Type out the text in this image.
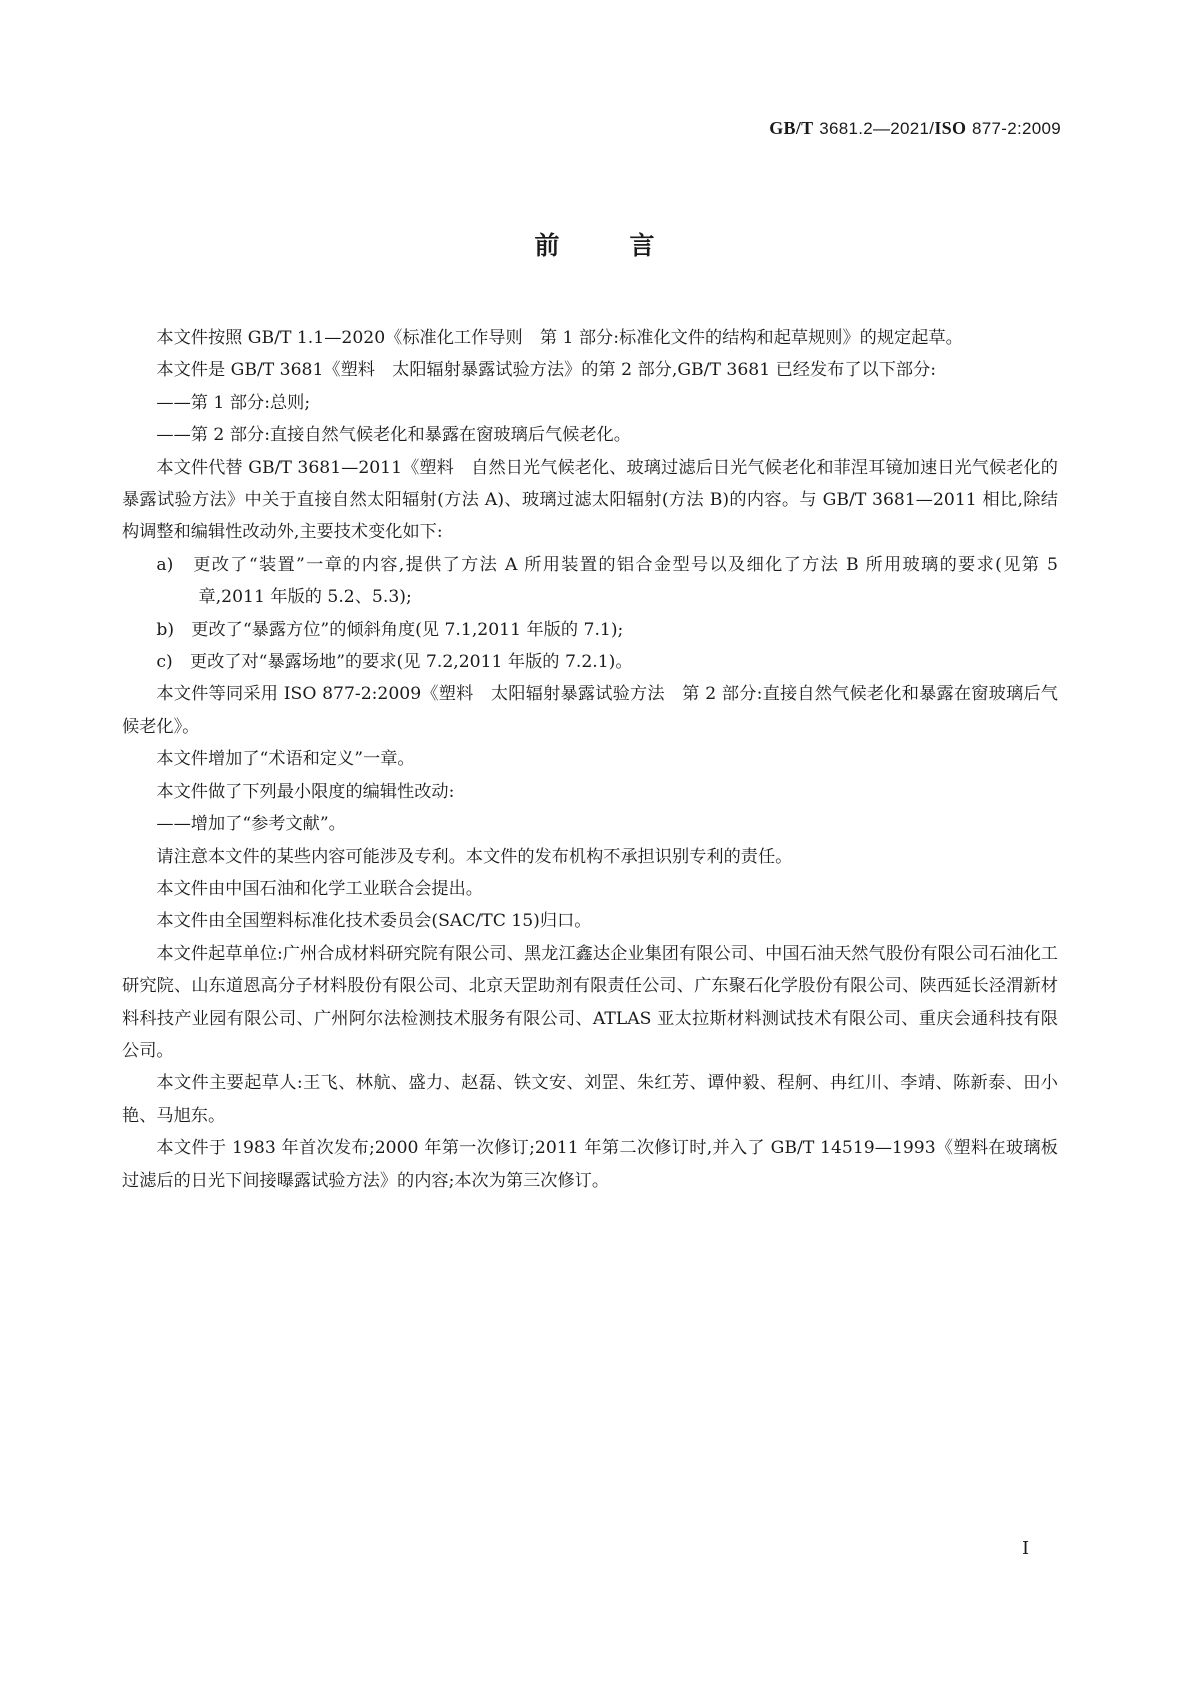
GB/T 3681.2—2021/ISO 877-2:2009
前	言

本文件按照 GB/T 1.1—2020《标准化工作导则　第 1 部分:标准化文件的结构和起草规则》的规定起草。

本文件是 GB/T 3681《塑料　太阳辐射暴露试验方法》的第 2 部分,GB/T 3681 已经发布了以下部分:

——第 1 部分:总则;

——第 2 部分:直接自然气候老化和暴露在窗玻璃后气候老化。

本文件代替 GB/T 3681—2011《塑料　自然日光气候老化、玻璃过滤后日光气候老化和菲涅耳镜加速日光气候老化的暴露试验方法》中关于直接自然太阳辐射(方法 A)、玻璃过滤太阳辐射(方法 B)的内容。与 GB/T 3681—2011 相比,除结构调整和编辑性改动外,主要技术变化如下:

a)　更改了“装置”一章的内容,提供了方法 A 所用装置的铝合金型号以及细化了方法 B 所用玻璃的要求(见第 5 章,2011 年版的 5.2、5.3);

b)　更改了“暴露方位”的倾斜角度(见 7.1,2011 年版的 7.1);

c)　更改了对“暴露场地”的要求(见 7.2,2011 年版的 7.2.1)。

本文件等同采用 ISO 877-2:2009《塑料　太阳辐射暴露试验方法　第 2 部分:直接自然气候老化和暴露在窗玻璃后气候老化》。

本文件增加了“术语和定义”一章。

本文件做了下列最小限度的编辑性改动:

——增加了“参考文献”。

请注意本文件的某些内容可能涉及专利。本文件的发布机构不承担识别专利的责任。

本文件由中国石油和化学工业联合会提出。

本文件由全国塑料标准化技术委员会(SAC/TC 15)归口。

本文件起草单位:广州合成材料研究院有限公司、黑龙江鑫达企业集团有限公司、中国石油天然气股份有限公司石油化工研究院、山东道恩高分子材料股份有限公司、北京天罡助剂有限责任公司、广东聚石化学股份有限公司、陕西延长泾渭新材料科技产业园有限公司、广州阿尔法检测技术服务有限公司、ATLAS 亚太拉斯材料测试技术有限公司、重庆会通科技有限公司。

本文件主要起草人:王飞、林航、盛力、赵磊、铁文安、刘罡、朱红芳、谭仲毅、程舸、冉红川、李靖、陈新泰、田小艳、马旭东。

本文件于 1983 年首次发布;2000 年第一次修订;2011 年第二次修订时,并入了 GB/T 14519—1993《塑料在玻璃板过滤后的日光下间接曝露试验方法》的内容;本次为第三次修订。

I
